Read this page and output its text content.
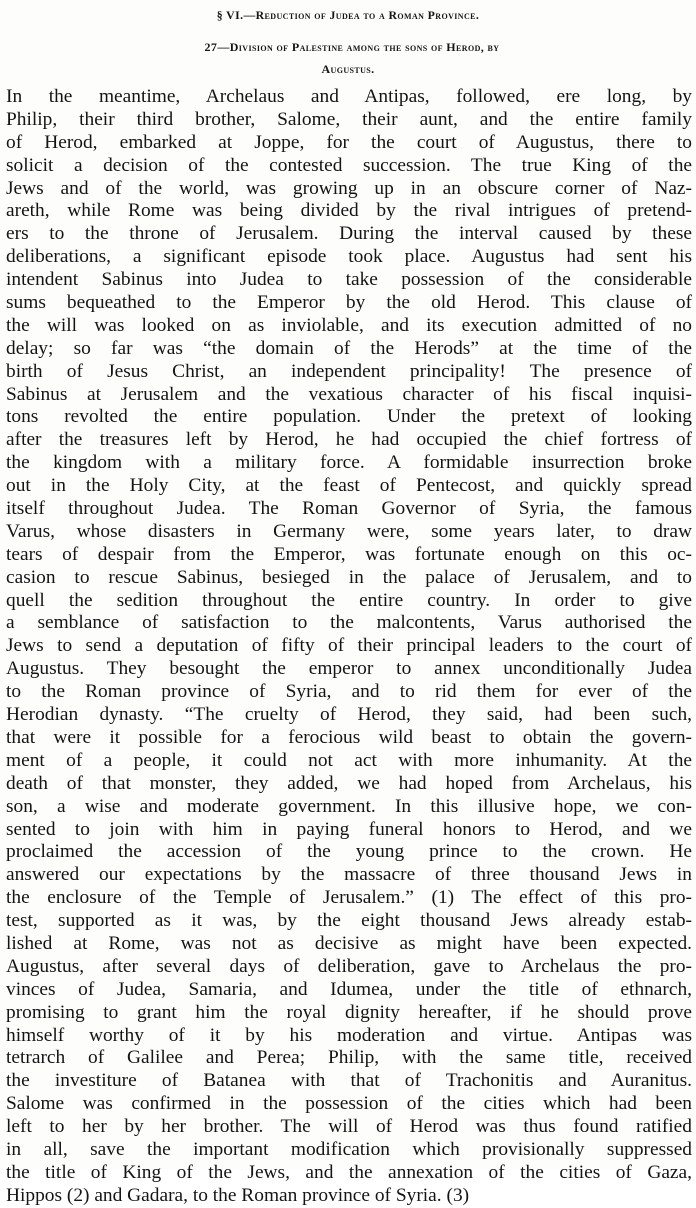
§ VI.—Reduction of Judea to a Roman Province.
27—Division of Palestine among the sons of Herod, by
Augustus.
In the meantime, Archelaus and Antipas, followed, ere long, by
Philip, their third brother, Salome, their aunt, and the entire family
of Herod, embarked at Joppe, for the court of Augustus, there to
solicit a decision of the contested succession. The true King of the
Jews and of the world, was growing up in an obscure corner of Naz-
areth, while Rome was being divided by the rival intrigues of pretend-
ers to the throne of Jerusalem. During the interval caused by these
deliberations, a significant episode took place. Augustus had sent his
intendent Sabinus into Judea to take possession of the considerable
sums bequeathed to the Emperor by the old Herod. This clause of
the will was looked on as inviolable, and its execution admitted of no
delay; so far was “the domain of the Herods” at the time of the
birth of Jesus Christ, an independent principality! The presence of
Sabinus at Jerusalem and the vexatious character of his fiscal inquisi-
tons revolted the entire population. Under the pretext of looking
after the treasures left by Herod, he had occupied the chief fortress of
the kingdom with a military force. A formidable insurrection broke
out in the Holy City, at the feast of Pentecost, and quickly spread
itself throughout Judea. The Roman Governor of Syria, the famous
Varus, whose disasters in Germany were, some years later, to draw
tears of despair from the Emperor, was fortunate enough on this oc-
casion to rescue Sabinus, besieged in the palace of Jerusalem, and to
quell the sedition throughout the entire country. In order to give
a semblance of satisfaction to the malcontents, Varus authorised the
Jews to send a deputation of fifty of their principal leaders to the court of
Augustus. They besought the emperor to annex unconditionally Judea
to the Roman province of Syria, and to rid them for ever of the
Herodian dynasty. “The cruelty of Herod, they said, had been such,
that were it possible for a ferocious wild beast to obtain the govern-
ment of a people, it could not act with more inhumanity. At the
death of that monster, they added, we had hoped from Archelaus, his
son, a wise and moderate government. In this illusive hope, we con-
sented to join with him in paying funeral honors to Herod, and we
proclaimed the accession of the young prince to the crown. He
answered our expectations by the massacre of three thousand Jews in
the enclosure of the Temple of Jerusalem.” (1) The effect of this pro-
test, supported as it was, by the eight thousand Jews already estab-
lished at Rome, was not as decisive as might have been expected.
Augustus, after several days of deliberation, gave to Archelaus the pro-
vinces of Judea, Samaria, and Idumea, under the title of ethnarch,
promising to grant him the royal dignity hereafter, if he should prove
himself worthy of it by his moderation and virtue. Antipas was
tetrarch of Galilee and Perea; Philip, with the same title, received
the investiture of Batanea with that of Trachonitis and Auranitus.
Salome was confirmed in the possession of the cities which had been
left to her by her brother. The will of Herod was thus found ratified
in all, save the important modification which provisionally suppressed
the title of King of the Jews, and the annexation of the cities of Gaza,
Hippos (2) and Gadara, to the Roman province of Syria. (3)
